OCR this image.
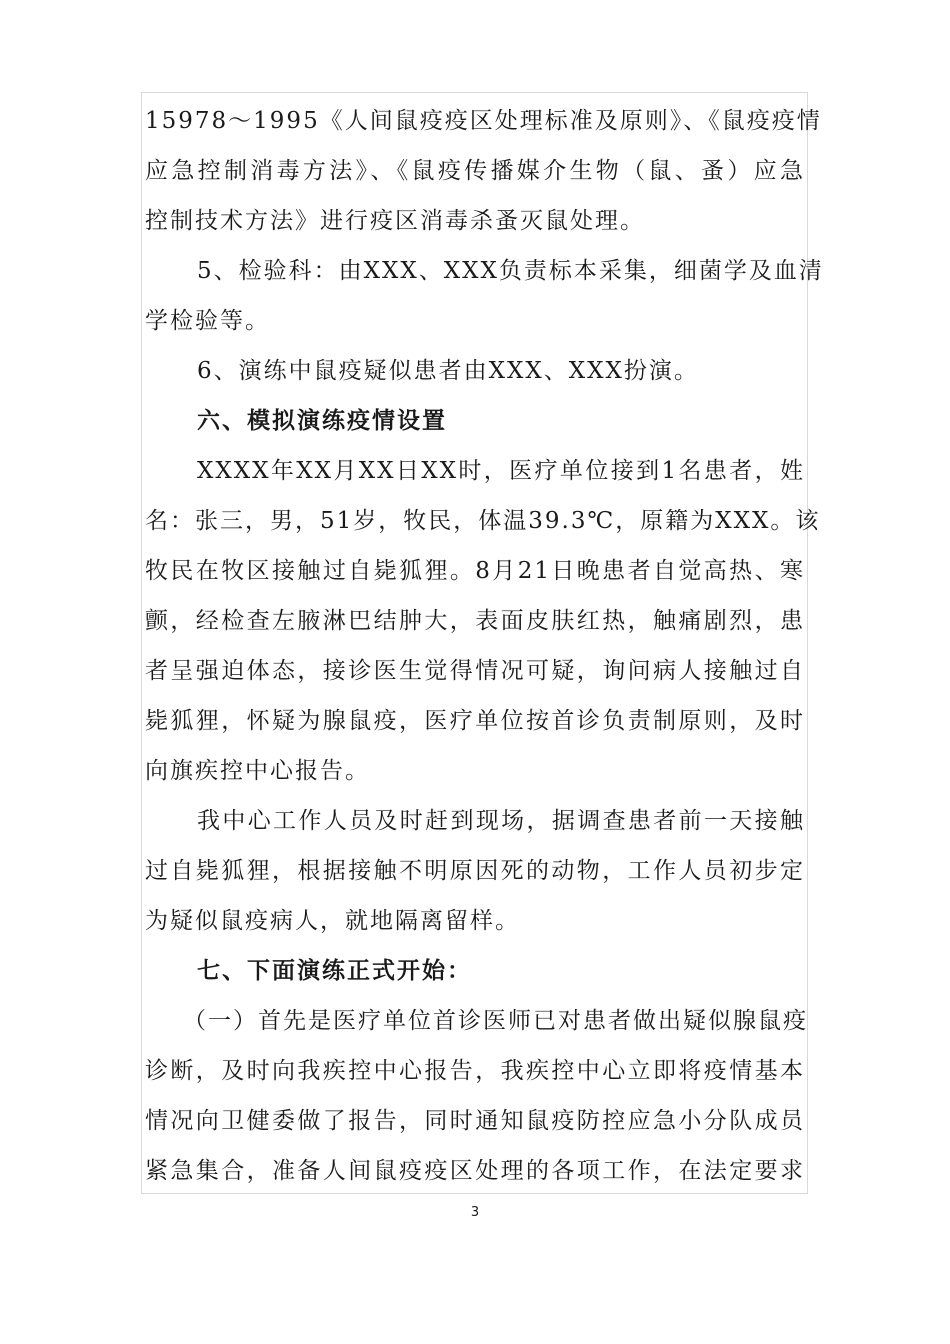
15978～1995《人间鼠疫疫区处理标准及原则》、《鼠疫疫情
应急控制消毒方法》、《鼠疫传播媒介生物（鼠、蚤）应急
控制技术方法》进行疫区消毒杀蚤灭鼠处理。
5、检验科：由XXX、XXX负责标本采集，细菌学及血清
学检验等。
6、演练中鼠疫疑似患者由XXX、XXX扮演。
六、模拟演练疫情设置
XXXX年XX月XX日XX时，医疗单位接到1名患者，姓
名：张三，男，51岁，牧民，体温39.3℃，原籍为XXX。该
牧民在牧区接触过自毙狐狸。8月21日晚患者自觉高热、寒
颤，经检查左腋淋巴结肿大，表面皮肤红热，触痛剧烈，患
者呈强迫体态，接诊医生觉得情况可疑，询问病人接触过自
毙狐狸，怀疑为腺鼠疫，医疗单位按首诊负责制原则，及时
向旗疾控中心报告。
我中心工作人员及时赶到现场，据调查患者前一天接触
过自毙狐狸，根据接触不明原因死的动物，工作人员初步定
为疑似鼠疫病人，就地隔离留样。
七、下面演练正式开始：
（一）首先是医疗单位首诊医师已对患者做出疑似腺鼠疫
诊断，及时向我疾控中心报告，我疾控中心立即将疫情基本
情况向卫健委做了报告，同时通知鼠疫防控应急小分队成员
紧急集合，准备人间鼠疫疫区处理的各项工作，在法定要求
3
